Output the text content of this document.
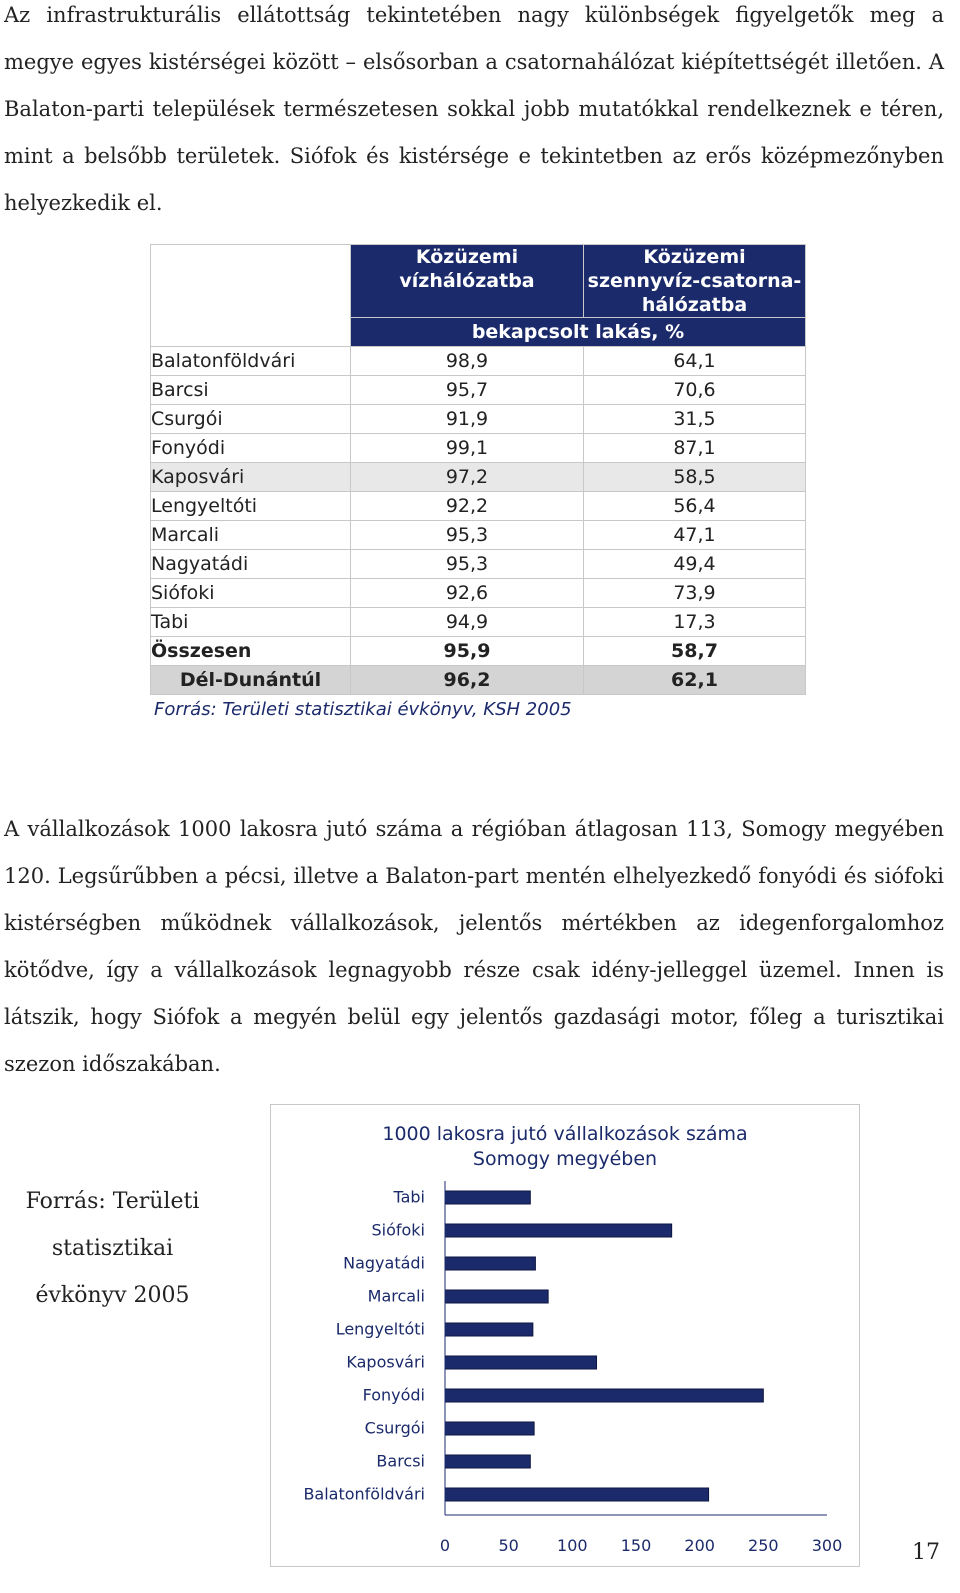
Az infrastrukturális ellátottság tekintetében nagy különbségek figyelgetők meg a megye egyes kistérségei között – elsősorban a csatornahálózat kiépítettségét illetően. A Balaton-parti települések természetesen sokkal jobb mutatókkal rendelkeznek e téren, mint a belsőbb területek. Siófok és kistérsége e tekintetben az erős középmezőnyben helyezkedik el.

	Közüzemi vízhálózatba	Közüzemi szennyvíz-csatorna-hálózatba
	bekapcsolt lakás, %	
Balatonföldvári	98,9	64,1
Barcsi	95,7	70,6
Csurgói	91,9	31,5
Fonyódi	99,1	87,1
Kaposvári	97,2	58,5
Lengyeltóti	92,2	56,4
Marcali	95,3	47,1
Nagyatádi	95,3	49,4
Siófoki	92,6	73,9
Tabi	94,9	17,3
Összesen	95,9	58,7
Dél-Dunántúl	96,2	62,1
Forrás: Területi statisztikai évkönyv, KSH 2005

A vállalkozások 1000 lakosra jutó száma a régióban átlagosan 113, Somogy megyében 120. Legsűrűbben a pécsi, illetve a Balaton-part mentén elhelyezkedő fonyódi és siófoki kistérségben működnek vállalkozások, jelentős mértékben az idegenforgalomhoz kötődve, így a vállalkozások legnagyobb része csak idény-jelleggel üzemel. Innen is látszik, hogy Siófok a megyén belül egy jelentős gazdasági motor, főleg a turisztikai szezon időszakában.

Forrás: Területi statisztikai évkönyv 2005
1000 lakosra jutó vállalkozások száma
Somogy megyében
Tabi
Siófoki
Nagyatádi
Marcali
Lengyeltóti
Kaposvári
Fonyódi
Csurgói
Barcsi
Balatonföldvári
0	50 100 150 200 250 300	17
